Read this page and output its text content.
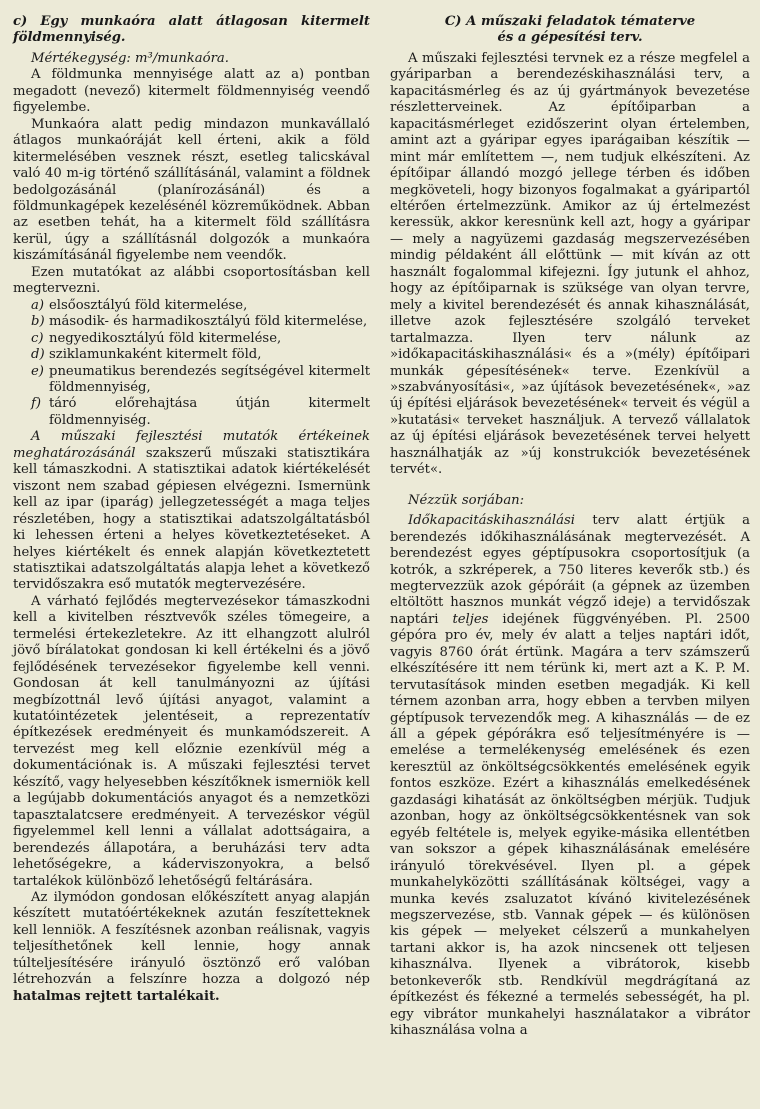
c) Egy munkaóra alatt átlagosan kitermelt földmennyiség.

Mértékegység: m³/munkaóra.

A földmunka mennyisége alatt az a) pontban megadott (nevező) kitermelt földmennyiség veendő figyelembe.

Munkaóra alatt pedig mindazon munkavállaló átlagos munkaóráját kell érteni, akik a föld kitermelésében vesznek részt, esetleg talicskával való 40 m-ig történő szállításánál, valamint a földnek bedolgozásánál (planírozásánál) és a földmunkagépek kezelésénél közreműködnek. Abban az esetben tehát, ha a kitermelt föld szállításra kerül, úgy a szállításnál dolgozók a munkaóra kiszámításánál figyelembe nem veendők.

Ezen mutatókat az alábbi csoportosításban kell megtervezni.

a) elsőosztályú föld kitermelése,
b) második- és harmadikosztályú föld kitermelése,
c) negyedikosztályú föld kitermelése,
d) sziklamunkaként kitermelt föld,
e) pneumatikus berendezés segítségével kitermelt földmennyiség,
f) táró előrehajtása útján kitermelt földmennyiség.

A műszaki fejlesztési mutatók értékeinek meghatározásánál szakszerű műszaki statisztikára kell támaszkodni. A statisztikai adatok kiértékelését viszont nem szabad gépiesen elvégezni. Ismernünk kell az ipar (iparág) jellegzetességét a maga teljes részletében, hogy a statisztikai adatszolgáltatásból ki lehessen érteni a helyes következtetéseket. A helyes kiértékelt és ennek alapján következtetett statisztikai adatszolgáltatás alapja lehet a következő tervidőszakra eső mutatók megtervezésére.

A várható fejlődés megtervezésekor támaszkodni kell a kivitelben résztvevők széles tömegeire, a termelési értekezletekre. Az itt elhangzott alulról jövő bírálatokat gondosan ki kell értékelni és a jövő fejlődésének tervezésekor figyelembe kell venni. Gondosan át kell tanulmányozni az újítási megbízottnál levő újítási anyagot, valamint a kutatóintézetek jelentéseit, a reprezentatív építkezések eredményeit és munkamódszereit. A tervezést meg kell előznie ezenkívül még a dokumentációnak is. A műszaki fejlesztési tervet készítő, vagy helyesebben készítőknek ismerniök kell a legújabb dokumentációs anyagot és a nemzetközi tapasztalatcsere eredményeit. A tervezéskor végül figyelemmel kell lenni a vállalat adottságaira, a berendezés állapotára, a beruházási terv adta lehetőségekre, a káderviszonyokra, a belső tartalékok különböző lehetőségű feltárására.

Az ilymódon gondosan előkészített anyag alapján készített mutatóértékeknek azután feszítetteknek kell lenniök. A feszítésnek azonban reálisnak, vagyis teljesíthetőnek kell lennie, hogy annak túlteljesítésére irányuló ösztönző erő valóban létrehozván a felszínre hozza a dolgozó nép hatalmas rejtett tartalékait.

C) A műszaki feladatok tématerve
és a gépesítési terv.

A műszaki fejlesztési tervnek ez a része megfelel a gyáriparban a berendezéskihasználási terv, a kapacitásmérleg és az új gyártmányok bevezetése részletterveinek. Az építőiparban a kapacitásmérleget ezidőszerint olyan értelemben, amint azt a gyáripar egyes iparágaiban készítik — mint már említettem —, nem tudjuk elkészíteni. Az építőipar állandó mozgó jellege térben és időben megköveteli, hogy bizonyos fogalmakat a gyáripartól eltérően értelmezzünk. Amikor az új értelmezést keressük, akkor keresnünk kell azt, hogy a gyáripar — mely a nagyüzemi gazdaság megszervezésében mindig példaként áll előttünk — mit kíván az ott használt fogalommal kifejezni. Így jutunk el ahhoz, hogy az építőiparnak is szüksége van olyan tervre, mely a kivitel berendezését és annak kihasználását, illetve azok fejlesztésére szolgáló terveket tartalmazza. Ilyen terv nálunk az »időkapacitáskihasználási« és a »(mély) építőipari munkák gépesítésének« terve. Ezenkívül a »szabványosítási«, »az újítások bevezetésének«, »az új építési eljárások bevezetésének« terveit és végül a »kutatási« terveket használjuk. A tervező vállalatok az új építési eljárások bevezetésének tervei helyett használhatják az »új konstrukciók bevezetésének tervét«.

Nézzük sorjában:

Időkapacitáskihasználási terv alatt értjük a berendezés időkihasználásának megtervezését. A berendezést egyes géptípusokra csoportosítjuk (a kotrók, a szkréperek, a 750 literes keverők stb.) és megtervezzük azok gépóráit (a gépnek az üzemben eltöltött hasznos munkát végző ideje) a tervidőszak naptári teljes idejének függvényében. Pl. 2500 gépóra pro év, mely év alatt a teljes naptári időt, vagyis 8760 órát értünk. Magára a terv számszerű elkészítésére itt nem térünk ki, mert azt a K. P. M. tervutasítások minden esetben megadják. Ki kell térnem azonban arra, hogy ebben a tervben milyen géptípusok tervezendők meg. A kihasználás — de ez áll a gépek gépórákra eső teljesítményére is — emelése a termelékenység emelésének és ezen keresztül az önköltségcsökkentés emelésének egyik fontos eszköze. Ezért a kihasználás emelkedésének gazdasági kihatását az önköltségben mérjük. Tudjuk azonban, hogy az önköltségcsökkentésnek van sok egyéb feltétele is, melyek egyike-másika ellentétben van sokszor a gépek kihasználásának emelésére irányuló törekvésével. Ilyen pl. a gépek munkahelyközötti szállításának költségei, vagy a munka kevés zsaluzatot kívánó kivitelezésének megszervezése, stb. Vannak gépek — és különösen kis gépek — melyeket célszerű a munkahelyen tartani akkor is, ha azok nincsenek ott teljesen kihasználva. Ilyenek a vibrátorok, kisebb betonkeverők stb. Rendkívül megdrágítaná az építkezést és fékezné a termelés sebességét, ha pl. egy vibrátor munkahelyi használatakor a vibrátor kihasználása volna a
